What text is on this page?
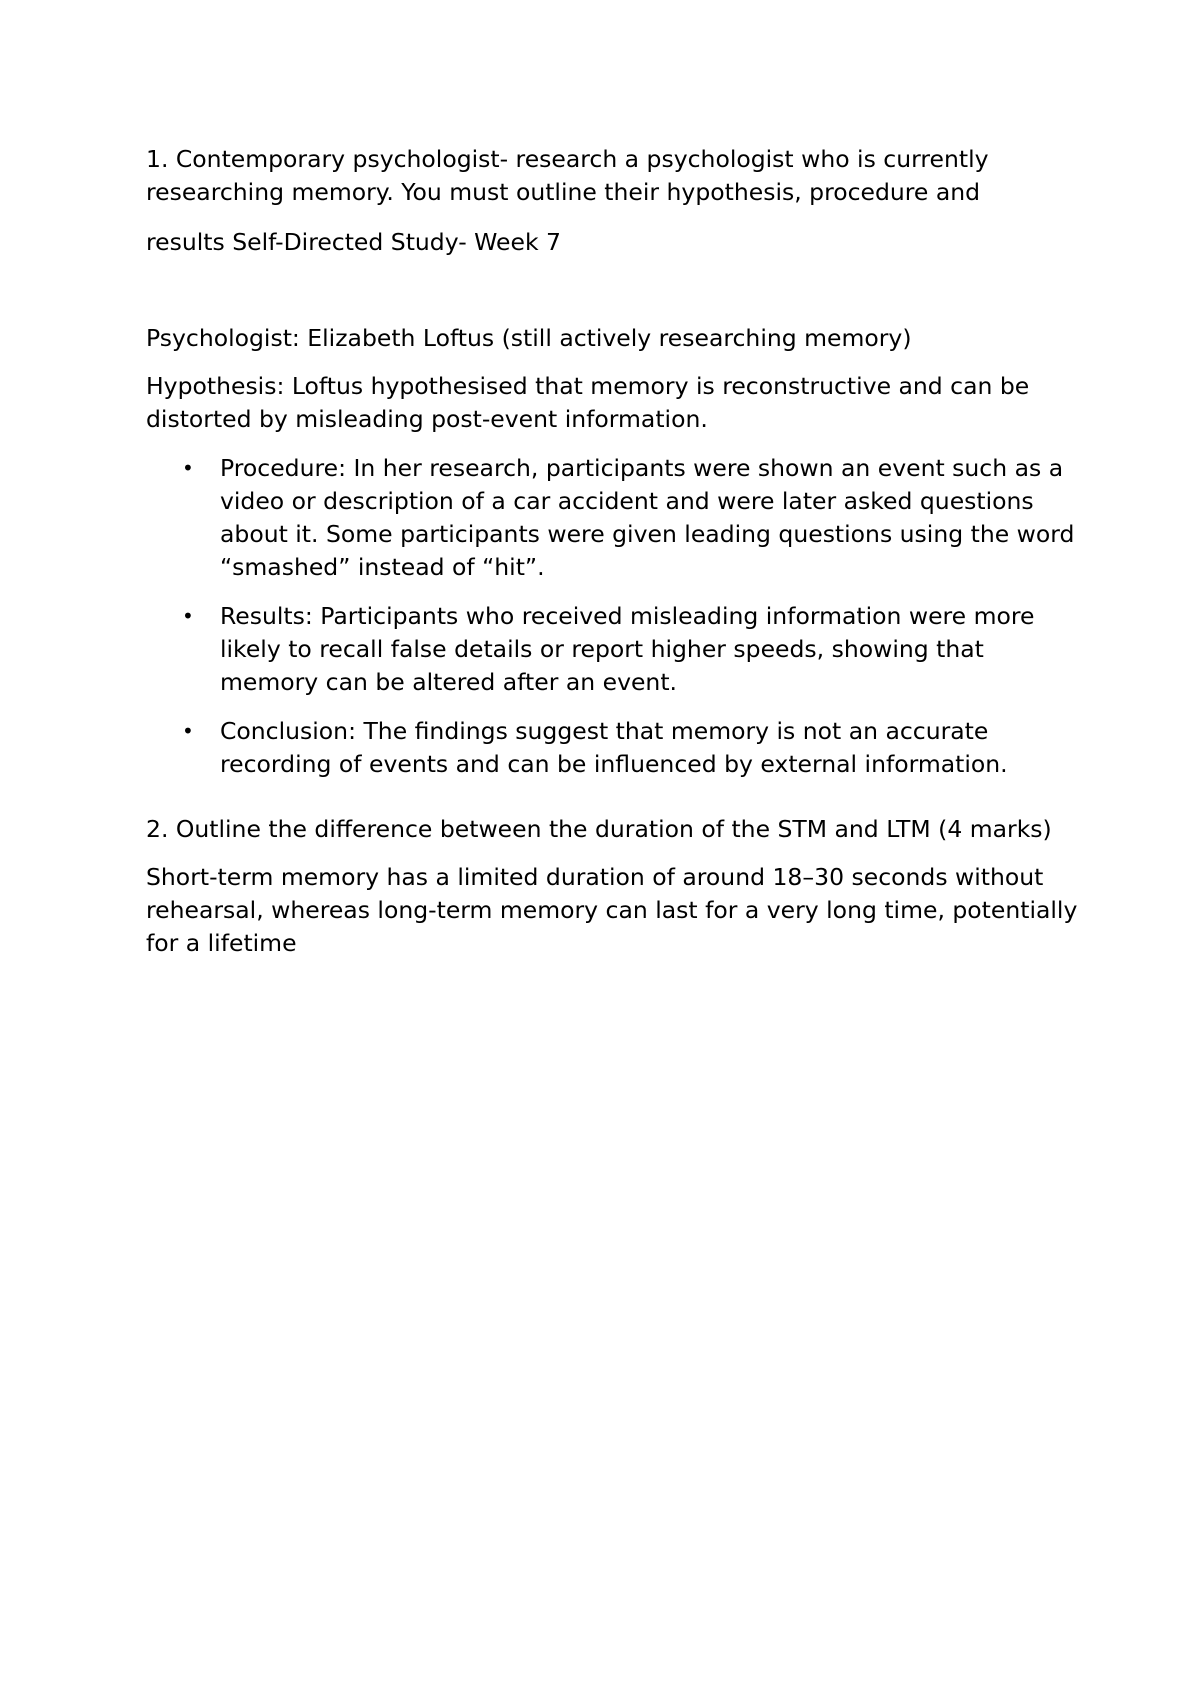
1. Contemporary psychologist- research a psychologist who is currently researching memory. You must outline their hypothesis, procedure and

results Self-Directed Study- Week 7

Psychologist: Elizabeth Loftus (still actively researching memory)

Hypothesis: Loftus hypothesised that memory is reconstructive and can be distorted by misleading post-event information.

• Procedure: In her research, participants were shown an event such as a video or description of a car accident and were later asked questions about it. Some participants were given leading questions using the word “smashed” instead of “hit”.
• Results: Participants who received misleading information were more likely to recall false details or report higher speeds, showing that memory can be altered after an event.
• Conclusion: The findings suggest that memory is not an accurate recording of events and can be influenced by external information.

2. Outline the difference between the duration of the STM and LTM (4 marks)

Short-term memory has a limited duration of around 18–30 seconds without rehearsal, whereas long-term memory can last for a very long time, potentially for a lifetime
